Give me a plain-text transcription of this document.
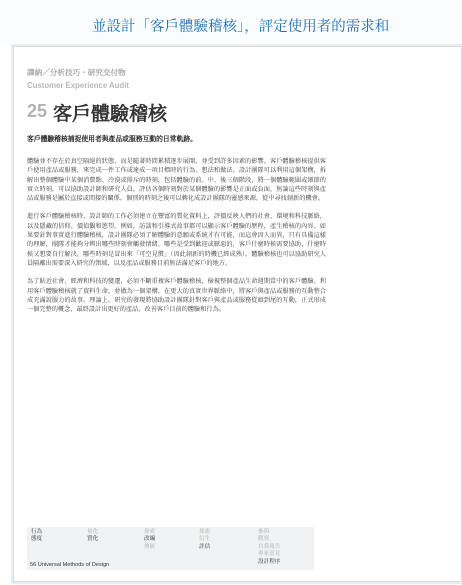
並設計「客戶體驗稽核」，評定使用者的需求和
譯納／分析技巧・研究交付物
Customer Experience Audit
25 客戶體驗稽核
客戶體驗稽核捕捉使用者與產品或服務互動的日常軌跡。

體驗並不存在於真空隔絕的狀態，而是隨著時間累積逐步展開，並受到許多因素的影響。客戶體驗稽核提供客戶使用產品或服務，來完成一件工作或達成一項目標時的行為、想法和做法。設計團隊可以利用這個架構，拆解出整個體驗中某個消費點、冷漠或排斥的時刻，包括體驗的前、中、後三個階段，將一個體驗範圍或細節的實立時刻，可以協助設計師和研究人員，評估各個時刻對於某個體驗的影響是正面或負面，無論這些時刻與產品或服務是屬於直接或間接的關係。個別的時刻之後可以轉化成設計團隊的靈感來源，從中尋找創新的機會。

進行客戶體驗稽核時，設計師的工作必須建立在豐富的質化資料上，評價反映人們的社會、環境和科技脈絡，以及隱藏的信仰、價值觀和慾望。例如，訪談和引導式故事都可以顯示客戶體驗的歷程，產生稽核的內容。如果要針對事實進行體驗稽核，設計團隊必須了解體驗的意願或系統才有可能，而這會因人而異，只有具備這樣的理解，團隊才能夠分辨出哪些時刻會觸發情緒，哪些是受到歡迎或厭惡的，客戶什麼時候需要協助、什麼時候又想要自行解決，哪些時刻是冒出來「可空見慣」（因此創新的時機已經成熟）。體驗稽核也可以協助研究人員隔離出需要深入研究的領域，以及產品或服務目前無法滿足客戶的地方。

為了貼近社會、經濟和科技的變遷，必須不斷重複客戶體驗稽核，檢視整個產品生命週期當中的客戶體驗。利用客戶體驗稽核就了資料生命，並做為一個架構，在更大的真實世界脈絡中，將客戶與產品或服務的互動整合成充滿說服力的故事。理論上，研究的發現將協助設計團隊針對客戶與產品或服務從頭到尾的互動，正式形成一個完整的概念，最終設計出更好的產品、改善客戶目前的體驗和行為。

行為
態度
量化
質化
探索
改編
傳統
探索
衍生
評估
參與
觀察
自我報告
專家意見
設計程序
56 Universal Methods of Design
